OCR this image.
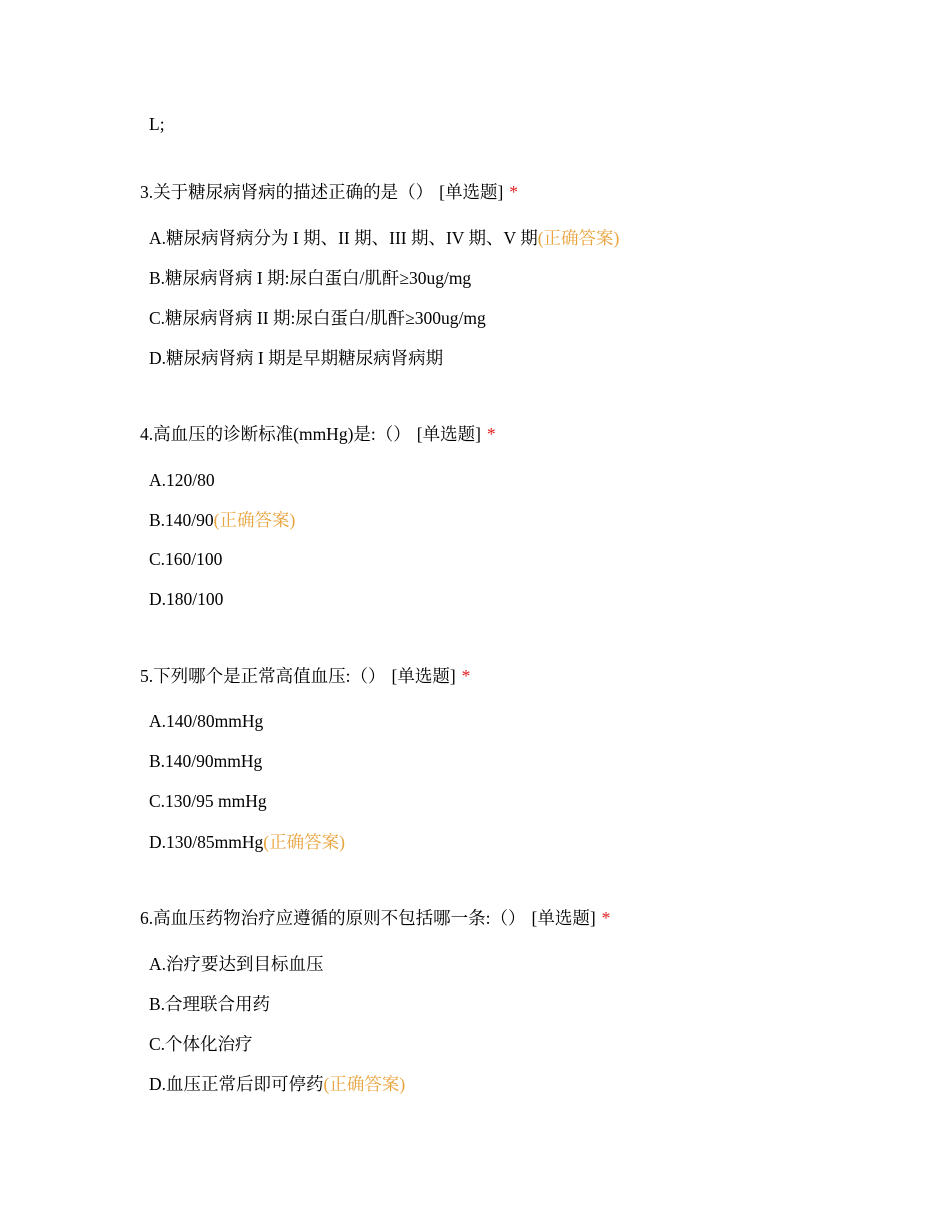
L;
3.关于糖尿病肾病的描述正确的是（） [单选题] *
A.糖尿病肾病分为 I 期、II 期、III 期、IV 期、V 期(正确答案)
B.糖尿病肾病 I 期:尿白蛋白/肌酐≥30ug/mg
C.糖尿病肾病 II 期:尿白蛋白/肌酐≥300ug/mg
D.糖尿病肾病 I 期是早期糖尿病肾病期
4.高血压的诊断标准(mmHg)是:（） [单选题] *
A.120/80
B.140/90(正确答案)
C.160/100
D.180/100
5.下列哪个是正常高值血压:（） [单选题] *
A.140/80mmHg
B.140/90mmHg
C.130/95 mmHg
D.130/85mmHg(正确答案)
6.高血压药物治疗应遵循的原则不包括哪一条:（） [单选题] *
A.治疗要达到目标血压
B.合理联合用药
C.个体化治疗
D.血压正常后即可停药(正确答案)
